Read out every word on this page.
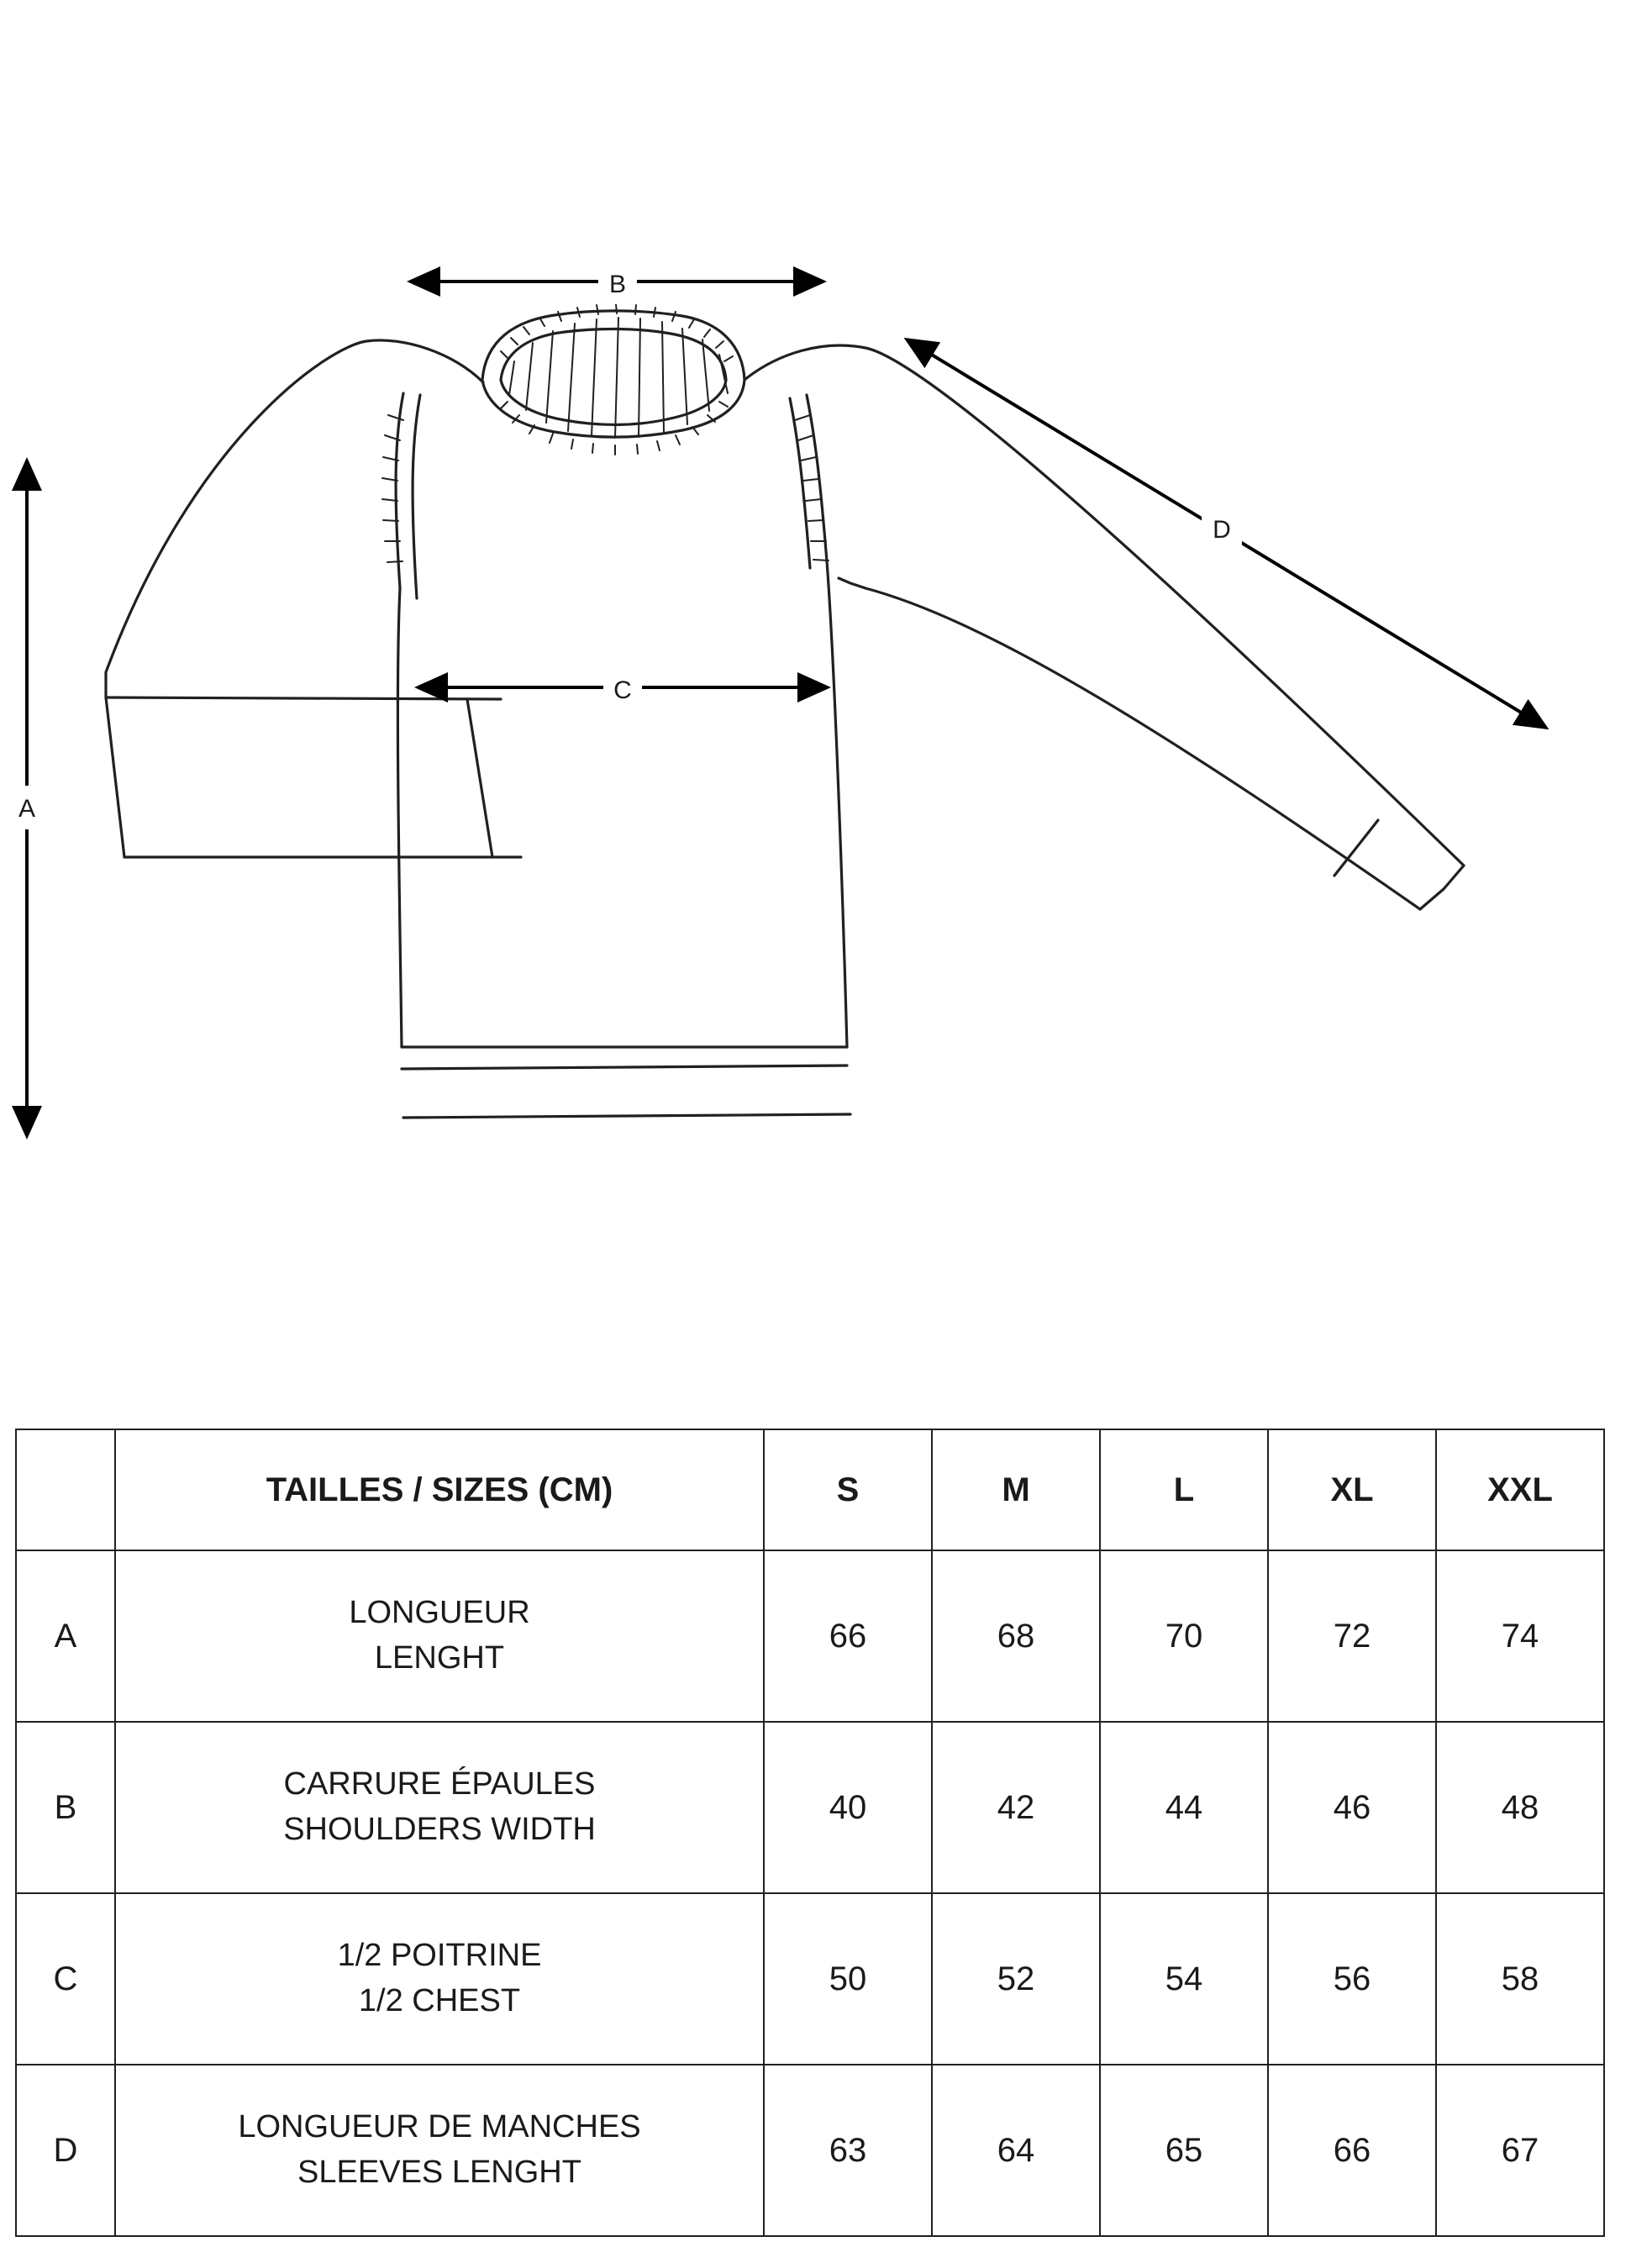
A
B
C
D
	TAILLES / SIZES (CM)	S	M	L	XL	XXL
A	LONGUEUR
LENGHT	66	68	70	72	74
B	CARRURE ÉPAULES
SHOULDERS WIDTH	40	42	44	46	48
C	1/2 POITRINE
1/2 CHEST	50	52	54	56	58
D	LONGUEUR DE MANCHES
SLEEVES LENGHT	63	64	65	66	67
